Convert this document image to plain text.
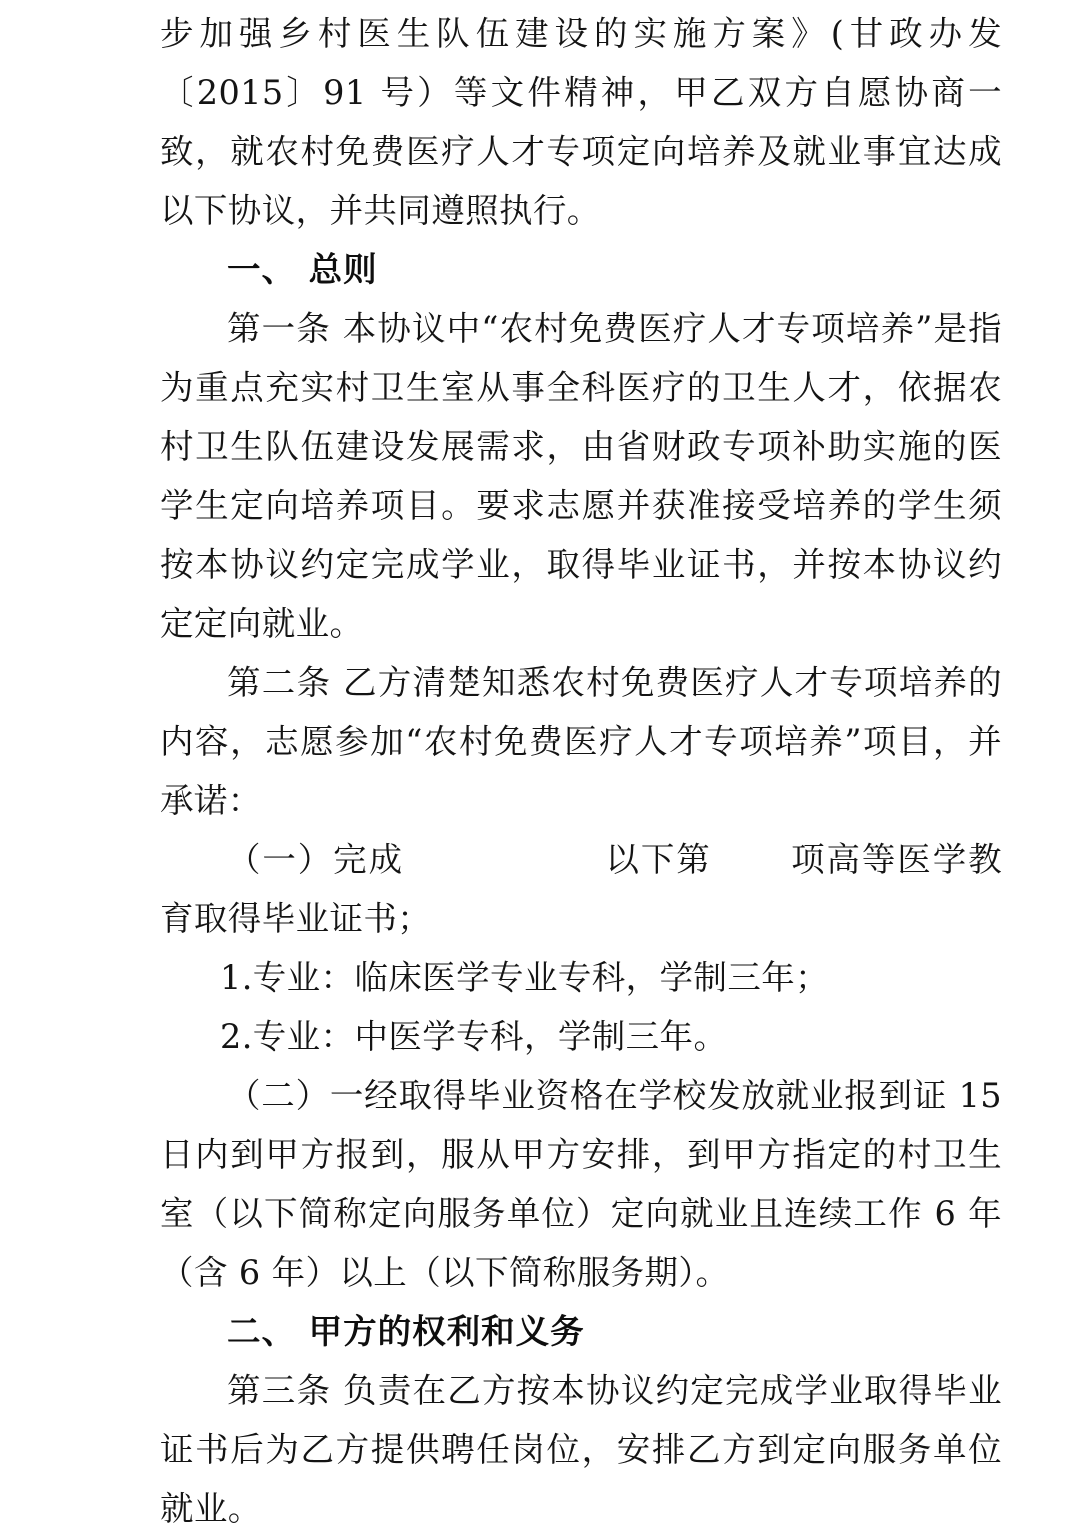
步加强乡村医生队伍建设的实施方案》(甘政办发〔2015〕91 号）等文件精神，甲乙双方自愿协商一致，就农村免费医疗人才专项定向培养及就业事宜达成以下协议，并共同遵照执行。

一、 总则

第一条 本协议中“农村免费医疗人才专项培养”是指为重点充实村卫生室从事全科医疗的卫生人才，依据农村卫生队伍建设发展需求，由省财政专项补助实施的医学生定向培养项目。要求志愿并获准接受培养的学生须按本协议约定完成学业，取得毕业证书，并按本协议约定定向就业。

第二条 乙方清楚知悉农村免费医疗人才专项培养的内容，志愿参加“农村免费医疗人才专项培养”项目，并承诺：

（一）完成	以下第 项高等医学教育取得毕业证书；

1.专业：临床医学专业专科，学制三年；

2.专业：中医学专科，学制三年。

（二）一经取得毕业资格在学校发放就业报到证 15 日内到甲方报到，服从甲方安排，到甲方指定的村卫生室（以下简称定向服务单位）定向就业且连续工作 6 年（含 6 年）以上（以下简称服务期）。

二、 甲方的权利和义务

第三条 负责在乙方按本协议约定完成学业取得毕业证书后为乙方提供聘任岗位，安排乙方到定向服务单位就业。
